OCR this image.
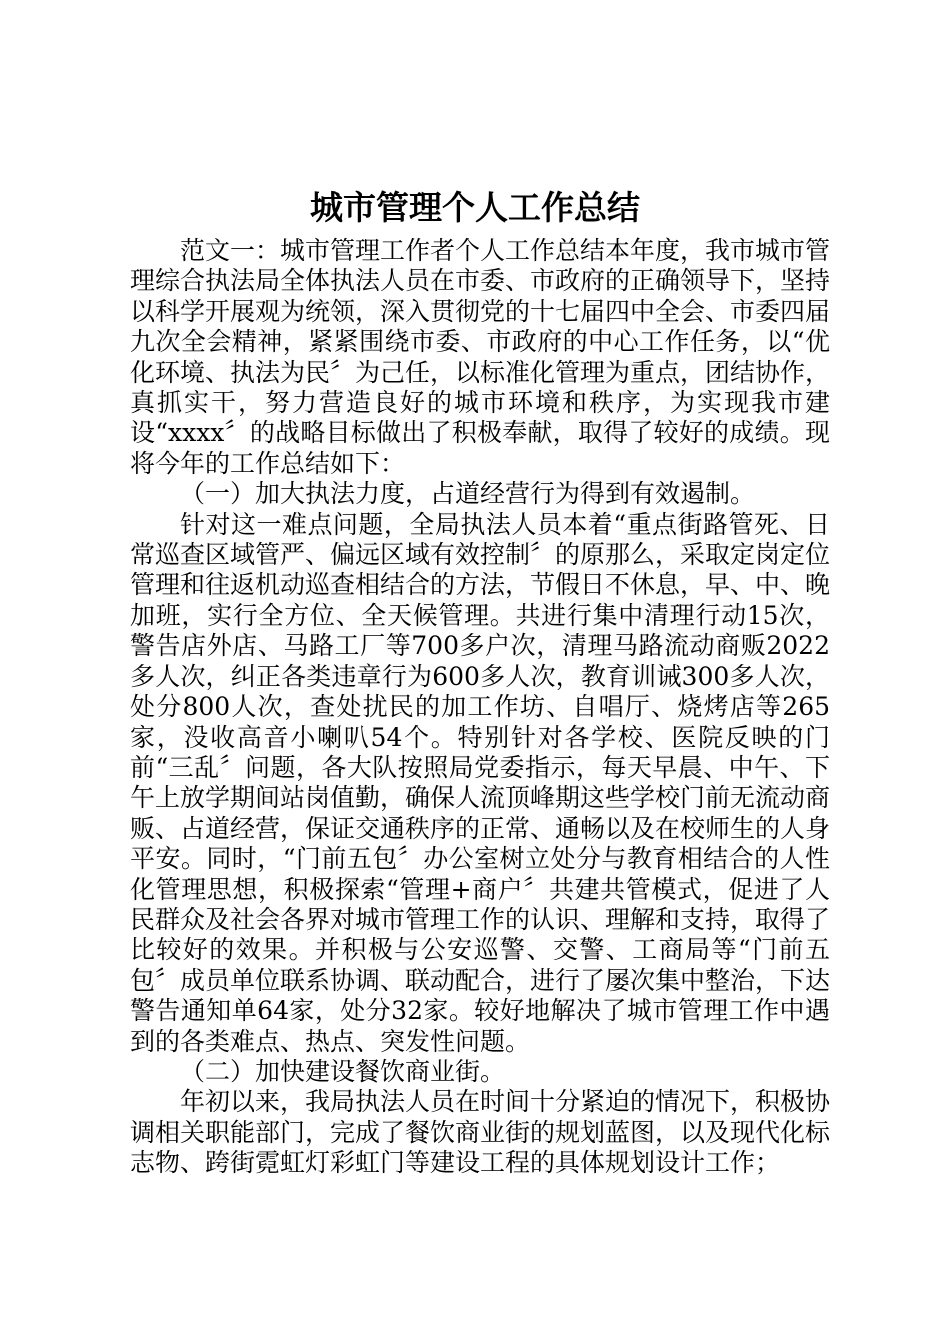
城市管理个人工作总结

范文一：城市管理工作者个人工作总结本年度，我市城市管理综合执法局全体执法人员在市委、市政府的正确领导下，坚持以科学开展观为统领，深入贯彻党的十七届四中全会、市委四届九次全会精神，紧紧围绕市委、市政府的中心工作任务，以“优化环境、执法为民〞为己任，以标准化管理为重点，团结协作，真抓实干，努力营造良好的城市环境和秩序，为实现我市建设“xxxx〞的战略目标做出了积极奉献，取得了较好的成绩。现将今年的工作总结如下：

（一）加大执法力度，占道经营行为得到有效遏制。

针对这一难点问题，全局执法人员本着“重点街路管死、日常巡查区域管严、偏远区域有效控制〞的原那么，采取定岗定位管理和往返机动巡查相结合的方法，节假日不休息，早、中、晚加班，实行全方位、全天候管理。共进行集中清理行动15次，警告店外店、马路工厂等700多户次，清理马路流动商贩2022多人次，纠正各类违章行为600多人次，教育训诫300多人次，处分800人次，查处扰民的加工作坊、自唱厅、烧烤店等265家，没收高音小喇叭54个。特别针对各学校、医院反映的门前“三乱〞问题，各大队按照局党委指示，每天早晨、中午、下午上放学期间站岗值勤，确保人流顶峰期这些学校门前无流动商贩、占道经营，保证交通秩序的正常、通畅以及在校师生的人身平安。同时，“门前五包〞办公室树立处分与教育相结合的人性化管理思想，积极探索“管理+商户〞共建共管模式，促进了人民群众及社会各界对城市管理工作的认识、理解和支持，取得了比较好的效果。并积极与公安巡警、交警、工商局等“门前五包〞成员单位联系协调、联动配合，进行了屡次集中整治，下达警告通知单64家，处分32家。较好地解决了城市管理工作中遇到的各类难点、热点、突发性问题。

（二）加快建设餐饮商业街。

年初以来，我局执法人员在时间十分紧迫的情况下，积极协调相关职能部门，完成了餐饮商业街的规划蓝图，以及现代化标志物、跨街霓虹灯彩虹门等建设工程的具体规划设计工作；
